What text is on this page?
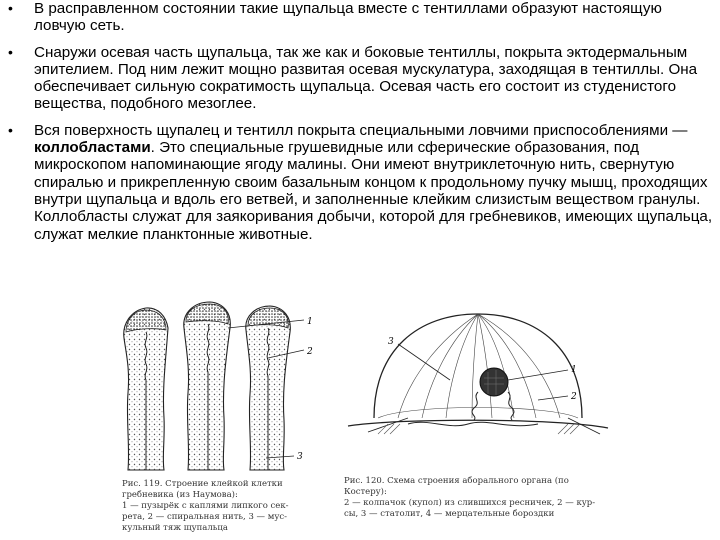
• В расправленном состоянии такие щупальца вместе с тентиллами образуют настоящую ловчую сеть.
• Снаружи осевая часть щупальца, так же как и боковые тентиллы, покрыта эктодермальным эпителием. Под ним лежит мощно развитая осевая мускулатура, заходящая в тентиллы. Она обеспечивает сильную сократимость щупальца. Осевая часть его состоит из студенистого вещества, подобного мезоглее.
• Вся поверхность щупалец и тентилл покрыта специальными ловчими приспособлениями — коллобластами. Это специальные грушевидные или сферические образования, под микроскопом напоминающие ягоду малины. Они имеют внутриклеточную нить, свернутую спиралью и прикрепленную своим базальным концом к продольному пучку мышц, проходящих внутри щупальца и вдоль его ветвей, и заполненные клейким слизистым веществом гранулы. Коллобласты служат для заякоривания добычи, которой для гребневиков, имеющих щупальца, служат мелкие планктонные животные.
1
2
3
Рис. 119. Строение клейкой клетки
гребневика (из Наумова):
1 — пузырёк с каплями липкого сек-
рета, 2 — спиральная нить, 3 — мус-
кульный тяж щупальца
3
1
2
Рис. 120. Схема строения аборального органа (по
Костеру):
2 — колпачок (купол) из слившихся ресничек, 2 — кур-
сы, 3 — статолит, 4 — мерцательные бороздки
